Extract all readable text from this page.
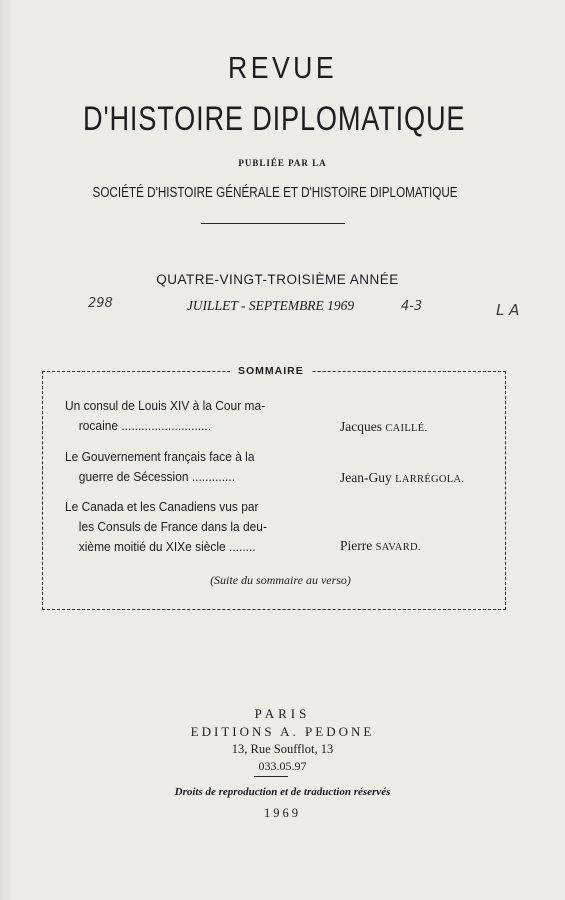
REVUE
D'HISTOIRE DIPLOMATIQUE
PUBLIÉE PAR LA
SOCIÉTÉ D'HISTOIRE GÉNÉRALE ET D'HISTOIRE DIPLOMATIQUE
QUATRE-VINGT-TROISIÈME ANNÉE
JUILLET - SEPTEMBRE 1969
298	4-3	L A
SOMMAIRE
Un consul de Louis XIV à la Cour ma-
rocaine ...........................	Jacques CAILLÉ.
Le Gouvernement français face à la
guerre de Sécession .............	Jean-Guy LARRÉGOLA.
Le Canada et les Canadiens vus par
les Consuls de France dans la deu-
xième moitié du XIXe siècle ........	Pierre SAVARD.
(Suite du sommaire au verso)
PARIS
EDITIONS A. PEDONE
13, Rue Soufflot, 13
033.05.97
Droits de reproduction et de traduction réservés
1969
